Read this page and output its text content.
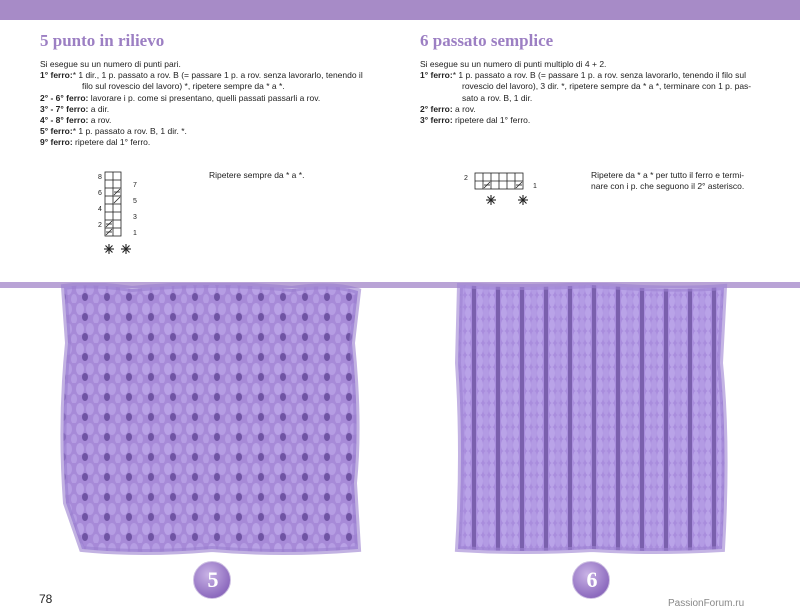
5 punto in rilievo

Si esegue su un numero di punti pari.

1° ferro:* 1 dir., 1 p. passato a rov. B (= passare 1 p. a rov. senza lavorarlo, tenendo il

filo sul rovescio del lavoro) *, ripetere sempre da * a *.

2° - 6° ferro: lavorare i p. come si presentano, quelli passati passarli a rov.

3° - 7° ferro: a dir.

4° - 8° ferro: a rov.

5° ferro:* 1 p. passato a rov. B, 1 dir. *.

9° ferro: ripetere dal 1° ferro.

8
6
4
2
7
5
3
1
Ripetere sempre da * a *.
6 passato semplice

Si esegue su un numero di punti multiplo di 4 + 2.

1° ferro:* 1 p. passato a rov. B (= passare 1 p. a rov. senza lavorarlo, tenendo il filo sul

rovescio del lavoro), 3 dir. *, ripetere sempre da * a *, terminare con 1 p. pas-

sato a rov. B, 1 dir.

2° ferro: a rov.

3° ferro: ripetere dal 1° ferro.

2
1
Ripetere da * a * per tutto il ferro e termi-
nare con i p. che seguono il 2° asterisco.
5	6
78	PassionForum.ru
